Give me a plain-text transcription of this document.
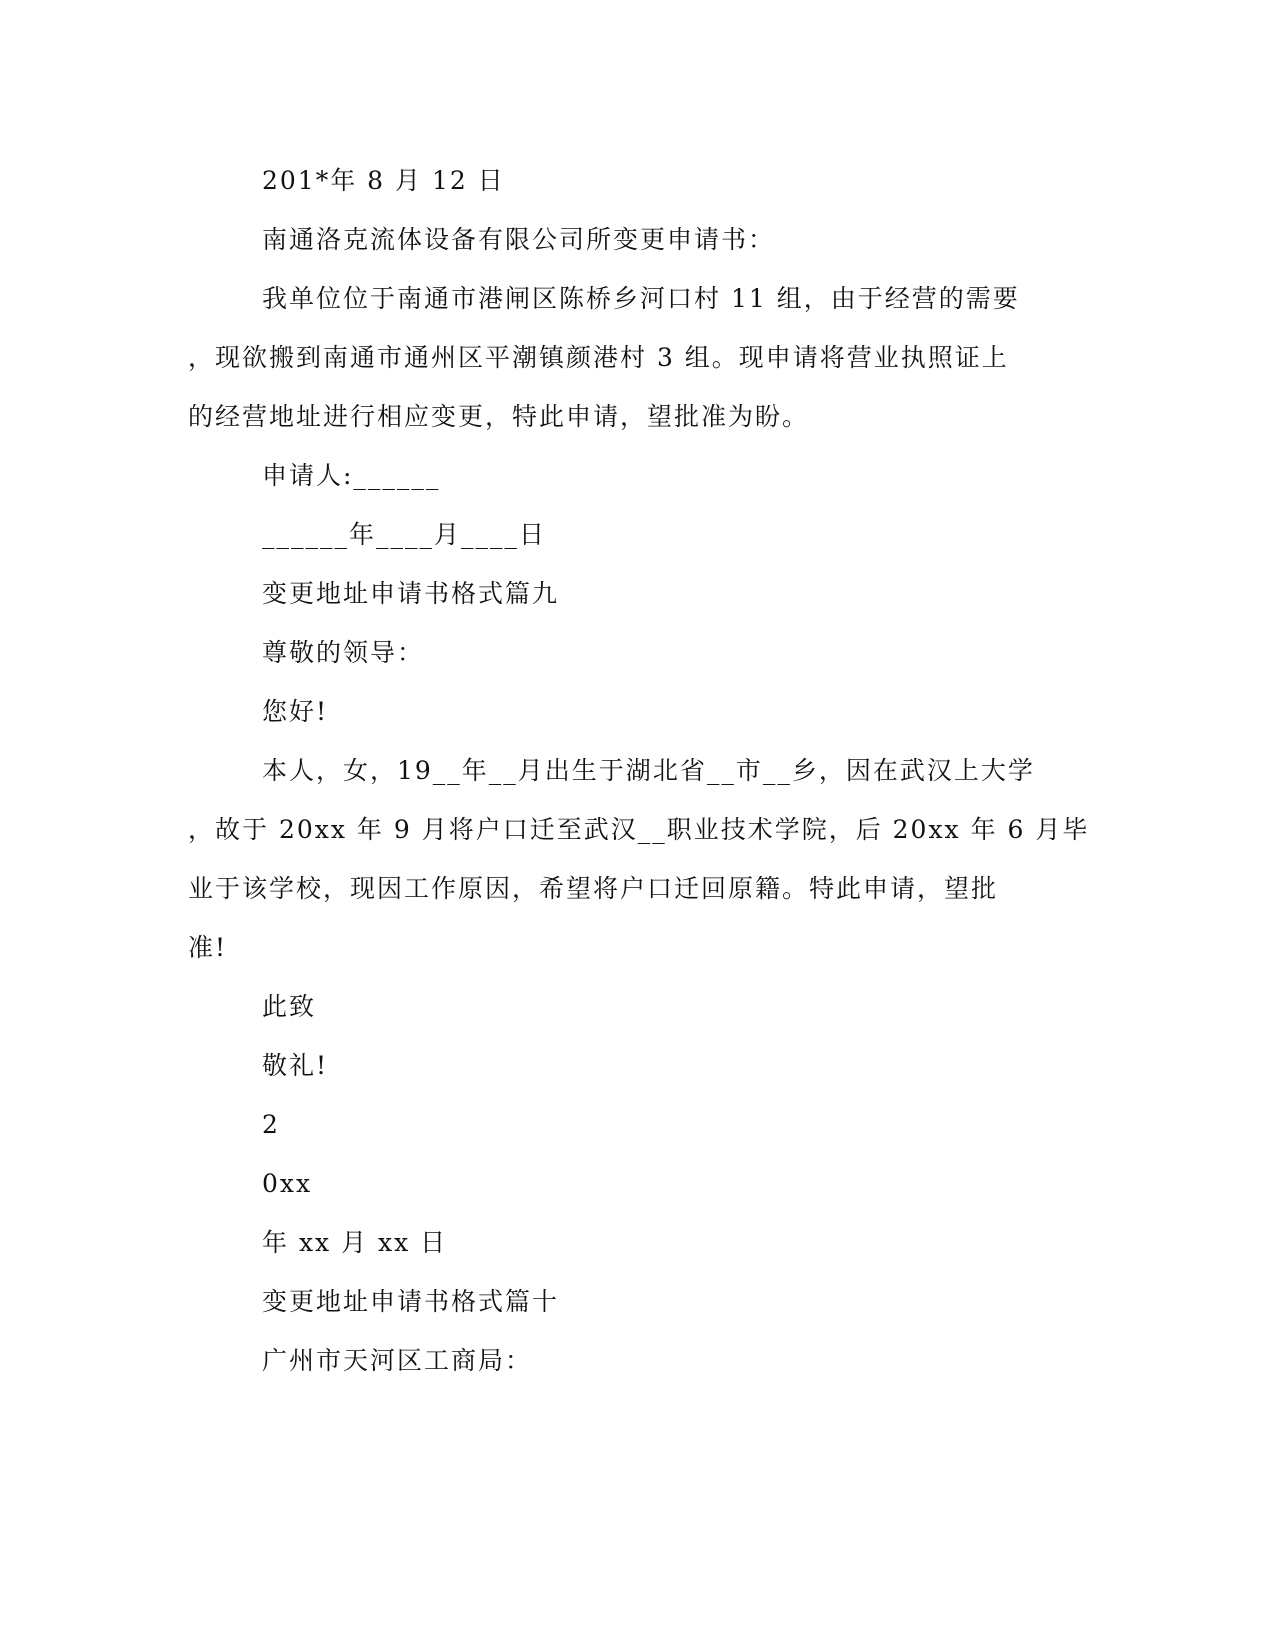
201*年 8 月 12 日
南通洛克流体设备有限公司所变更申请书：
我单位位于南通市港闸区陈桥乡河口村 11 组，由于经营的需要
，现欲搬到南通市通州区平潮镇颜港村 3 组。现申请将营业执照证上
的经营地址进行相应变更，特此申请，望批准为盼。
申请人:______
______年____月____日
变更地址申请书格式篇九
尊敬的领导：
您好!
本人，女，19__年__月出生于湖北省__市__乡，因在武汉上大学
，故于 20xx 年 9 月将户口迁至武汉__职业技术学院，后 20xx 年 6 月毕
业于该学校，现因工作原因，希望将户口迁回原籍。特此申请，望批
准!
此致
敬礼!
2
0xx
年 xx 月 xx 日
变更地址申请书格式篇十
广州市天河区工商局：
